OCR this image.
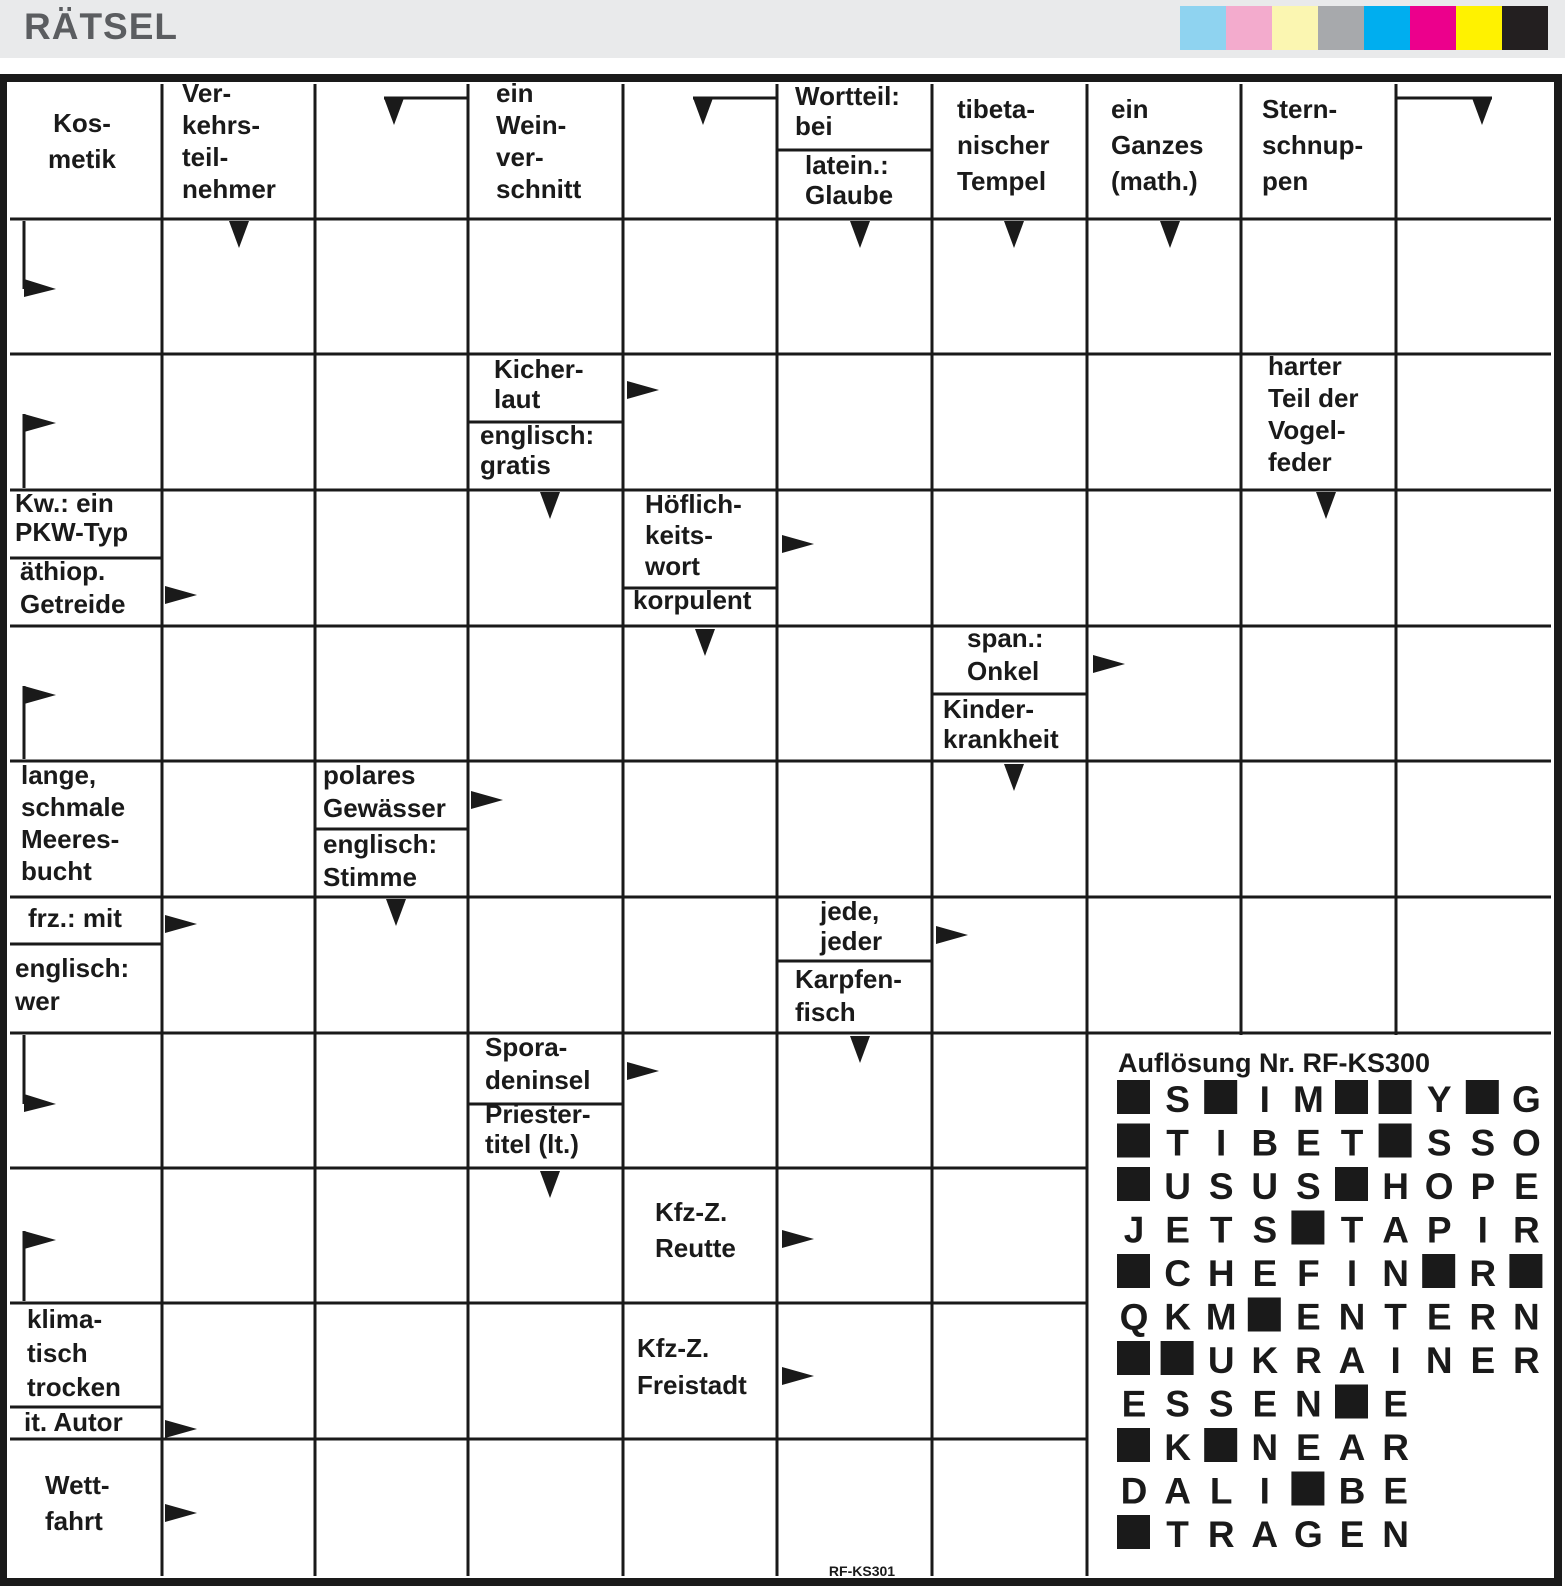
RÄTSEL
Kos-metik
Ver-kehrs-teil-nehmer
ein Wein-ver-schnitt
Wortteil: bei
latein.: Glaube
tibeta-nischer Tempel
ein Ganzes (math.)
Stern-schnup-pen
Kicher-laut
englisch: gratis
harter Teil der Vogel-feder
Kw.: ein PKW-Typ
äthiop. Getreide
Höflich-keits-wort
korpulent
span.: Onkel
Kinder-krankheit
lange, schmale Meeres-bucht
polares Gewässer
englisch: Stimme
frz.: mit
englisch: wer
jede, jeder
Karpfen-fisch
Spora-deninsel
Priester-titel (lt.)
Kfz-Z. Reutte
Kfz-Z. Freistadt
klima-tisch trocken
it. Autor
Wett-fahrt
Auflösung Nr. RF-KS300
S I M	Y G
T I B E T S S O
U S U S H O P E
J E T S T A P I R
C H E F I N R
Q K M E N T E R N
U K R A I N E R
E S S E N E
K N E A R
D A L I B E
T R A G E N
RF-KS301
